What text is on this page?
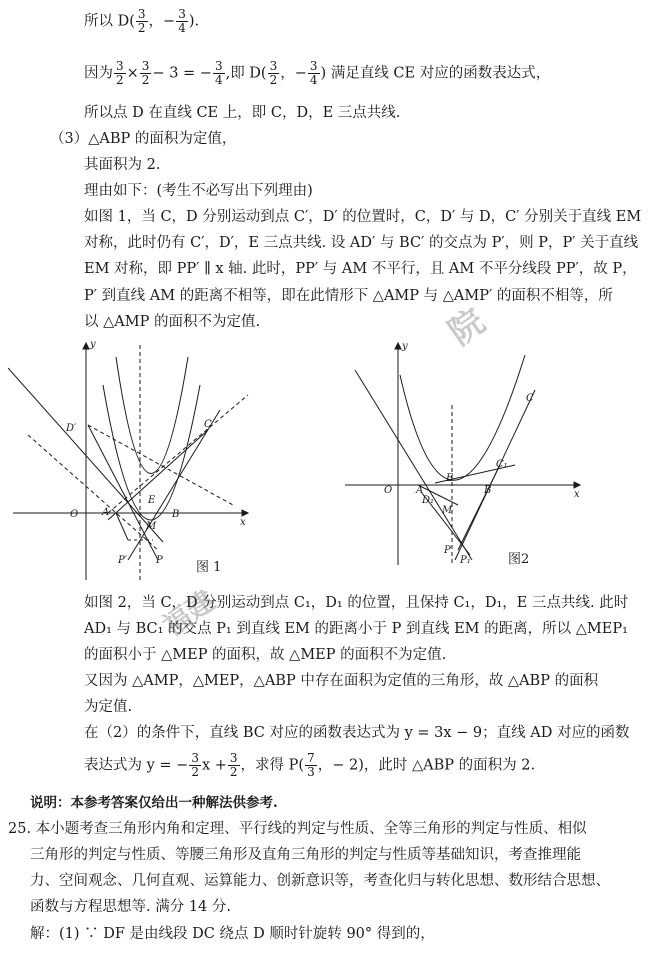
院
福建
所以 $D( \frac{3}{2}$ ，− $\frac{3}{4}$ ).
因为 $\frac{3}{2} \times \frac{3}{2} - 3$ = − $\frac{3}{4}$ ,即 $D( \frac{3}{2}$ ，− $\frac{3}{4}$ ) 满足直线 CE 对应的函数表达式，
所以点 D 在直线 CE 上，即 C，D，E 三点共线.
（3）△ABP 的面积为定值，
其面积为 2.
理由如下：(考生不必写出下列理由)
如图 1，当 C，D 分别运动到点 C′，D′ 的位置时，C，D′ 与 D，C′ 分别关于直线 EM
对称，此时仍有 C′，D′，E 三点共线. 设 AD′ 与 BC′ 的交点为 P′，则 P，P′ 关于直线
EM 对称，即 PP′ ∥ x 轴. 此时，PP′ 与 AM 不平行，且 AM 不平分线段 PP′，故 P，
P′ 到直线 AM 的距离不相等，即在此情形下 △AMP 与 △AMP′ 的面积不相等，所
以 △AMP 的面积不为定值.
y
x
O A	B
E
M
C
D′
P
P′	图 1
y
x
O A	B
E
M
C
C₁
D₁
P
P₁	图2
如图 2，当 C，D 分别运动到点 C₁，D₁ 的位置，且保持 C₁，D₁，E 三点共线. 此时
AD₁ 与 BC₁ 的交点 P₁ 到直线 EM 的距离小于 P 到直线 EM 的距离，所以 △MEP₁
的面积小于 △MEP 的面积，故 △MEP 的面积不为定值.
又因为 △AMP，△MEP，△ABP 中存在面积为定值的三角形，故 △ABP 的面积
为定值.
在（2）的条件下，直线 BC 对应的函数表达式为 y = 3x − 9；直线 AD 对应的函数
表达式为 y = − $\frac{3}{2}$ $x + \frac{3}{2}$ ，求得 $P( \frac{7}{3}$ ，− 2)，此时 △ABP 的面积为 2.
说明：本参考答案仅给出一种解法供参考.
25. 本小题考查三角形内角和定理、平行线的判定与性质、全等三角形的判定与性质、相似
三角形的判定与性质、等腰三角形及直角三角形的判定与性质等基础知识，考查推理能
力、空间观念、几何直观、运算能力、创新意识等，考查化归与转化思想、数形结合思想、
函数与方程思想等. 满分 14 分.
解：(1) ∵ DF 是由线段 DC 绕点 D 顺时针旋转 90° 得到的，
